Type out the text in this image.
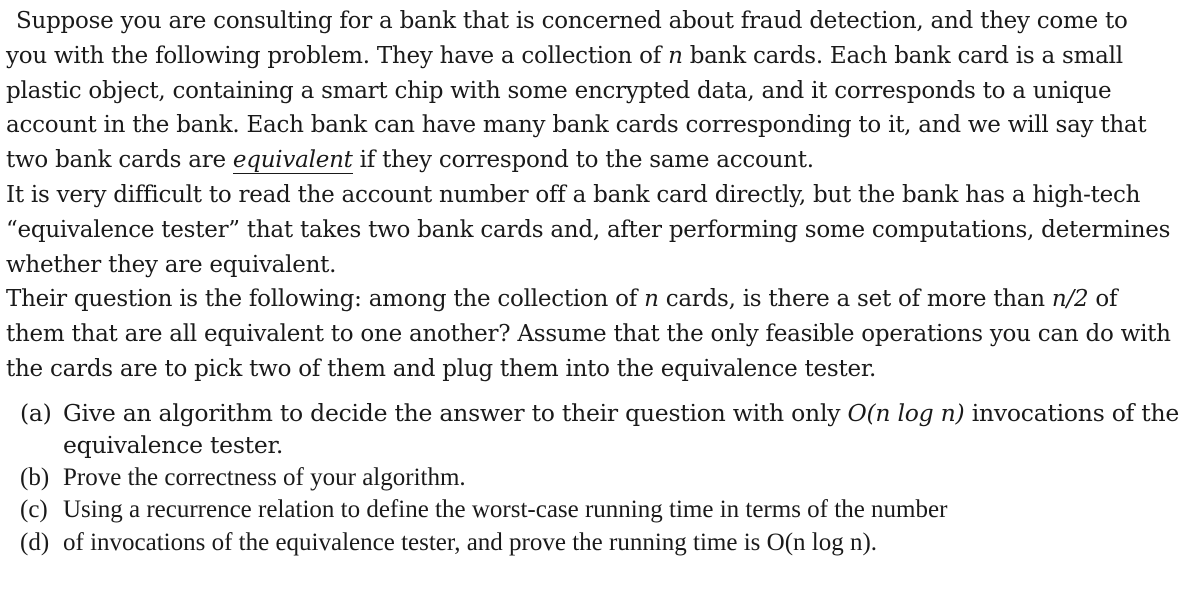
Suppose you are consulting for a bank that is concerned about fraud detection, and they come to
you with the following problem. They have a collection of n bank cards. Each bank card is a small
plastic object, containing a smart chip with some encrypted data, and it corresponds to a unique
account in the bank. Each bank can have many bank cards corresponding to it, and we will say that
two bank cards are equivalent if they correspond to the same account.

It is very difficult to read the account number off a bank card directly, but the bank has a high-tech
“equivalence tester” that takes two bank cards and, after performing some computations, determines
whether they are equivalent.

Their question is the following: among the collection of n cards, is there a set of more than n/2 of
them that are all equivalent to one another? Assume that the only feasible operations you can do with
the cards are to pick two of them and plug them into the equivalence tester.

(a) Give an algorithm to decide the answer to their question with only O(n log n) invocations of the
equivalence tester.
(b) Prove the correctness of your algorithm.
(c) Using a recurrence relation to define the worst-case running time in terms of the number
(d) of invocations of the equivalence tester, and prove the running time is O(n log n).
